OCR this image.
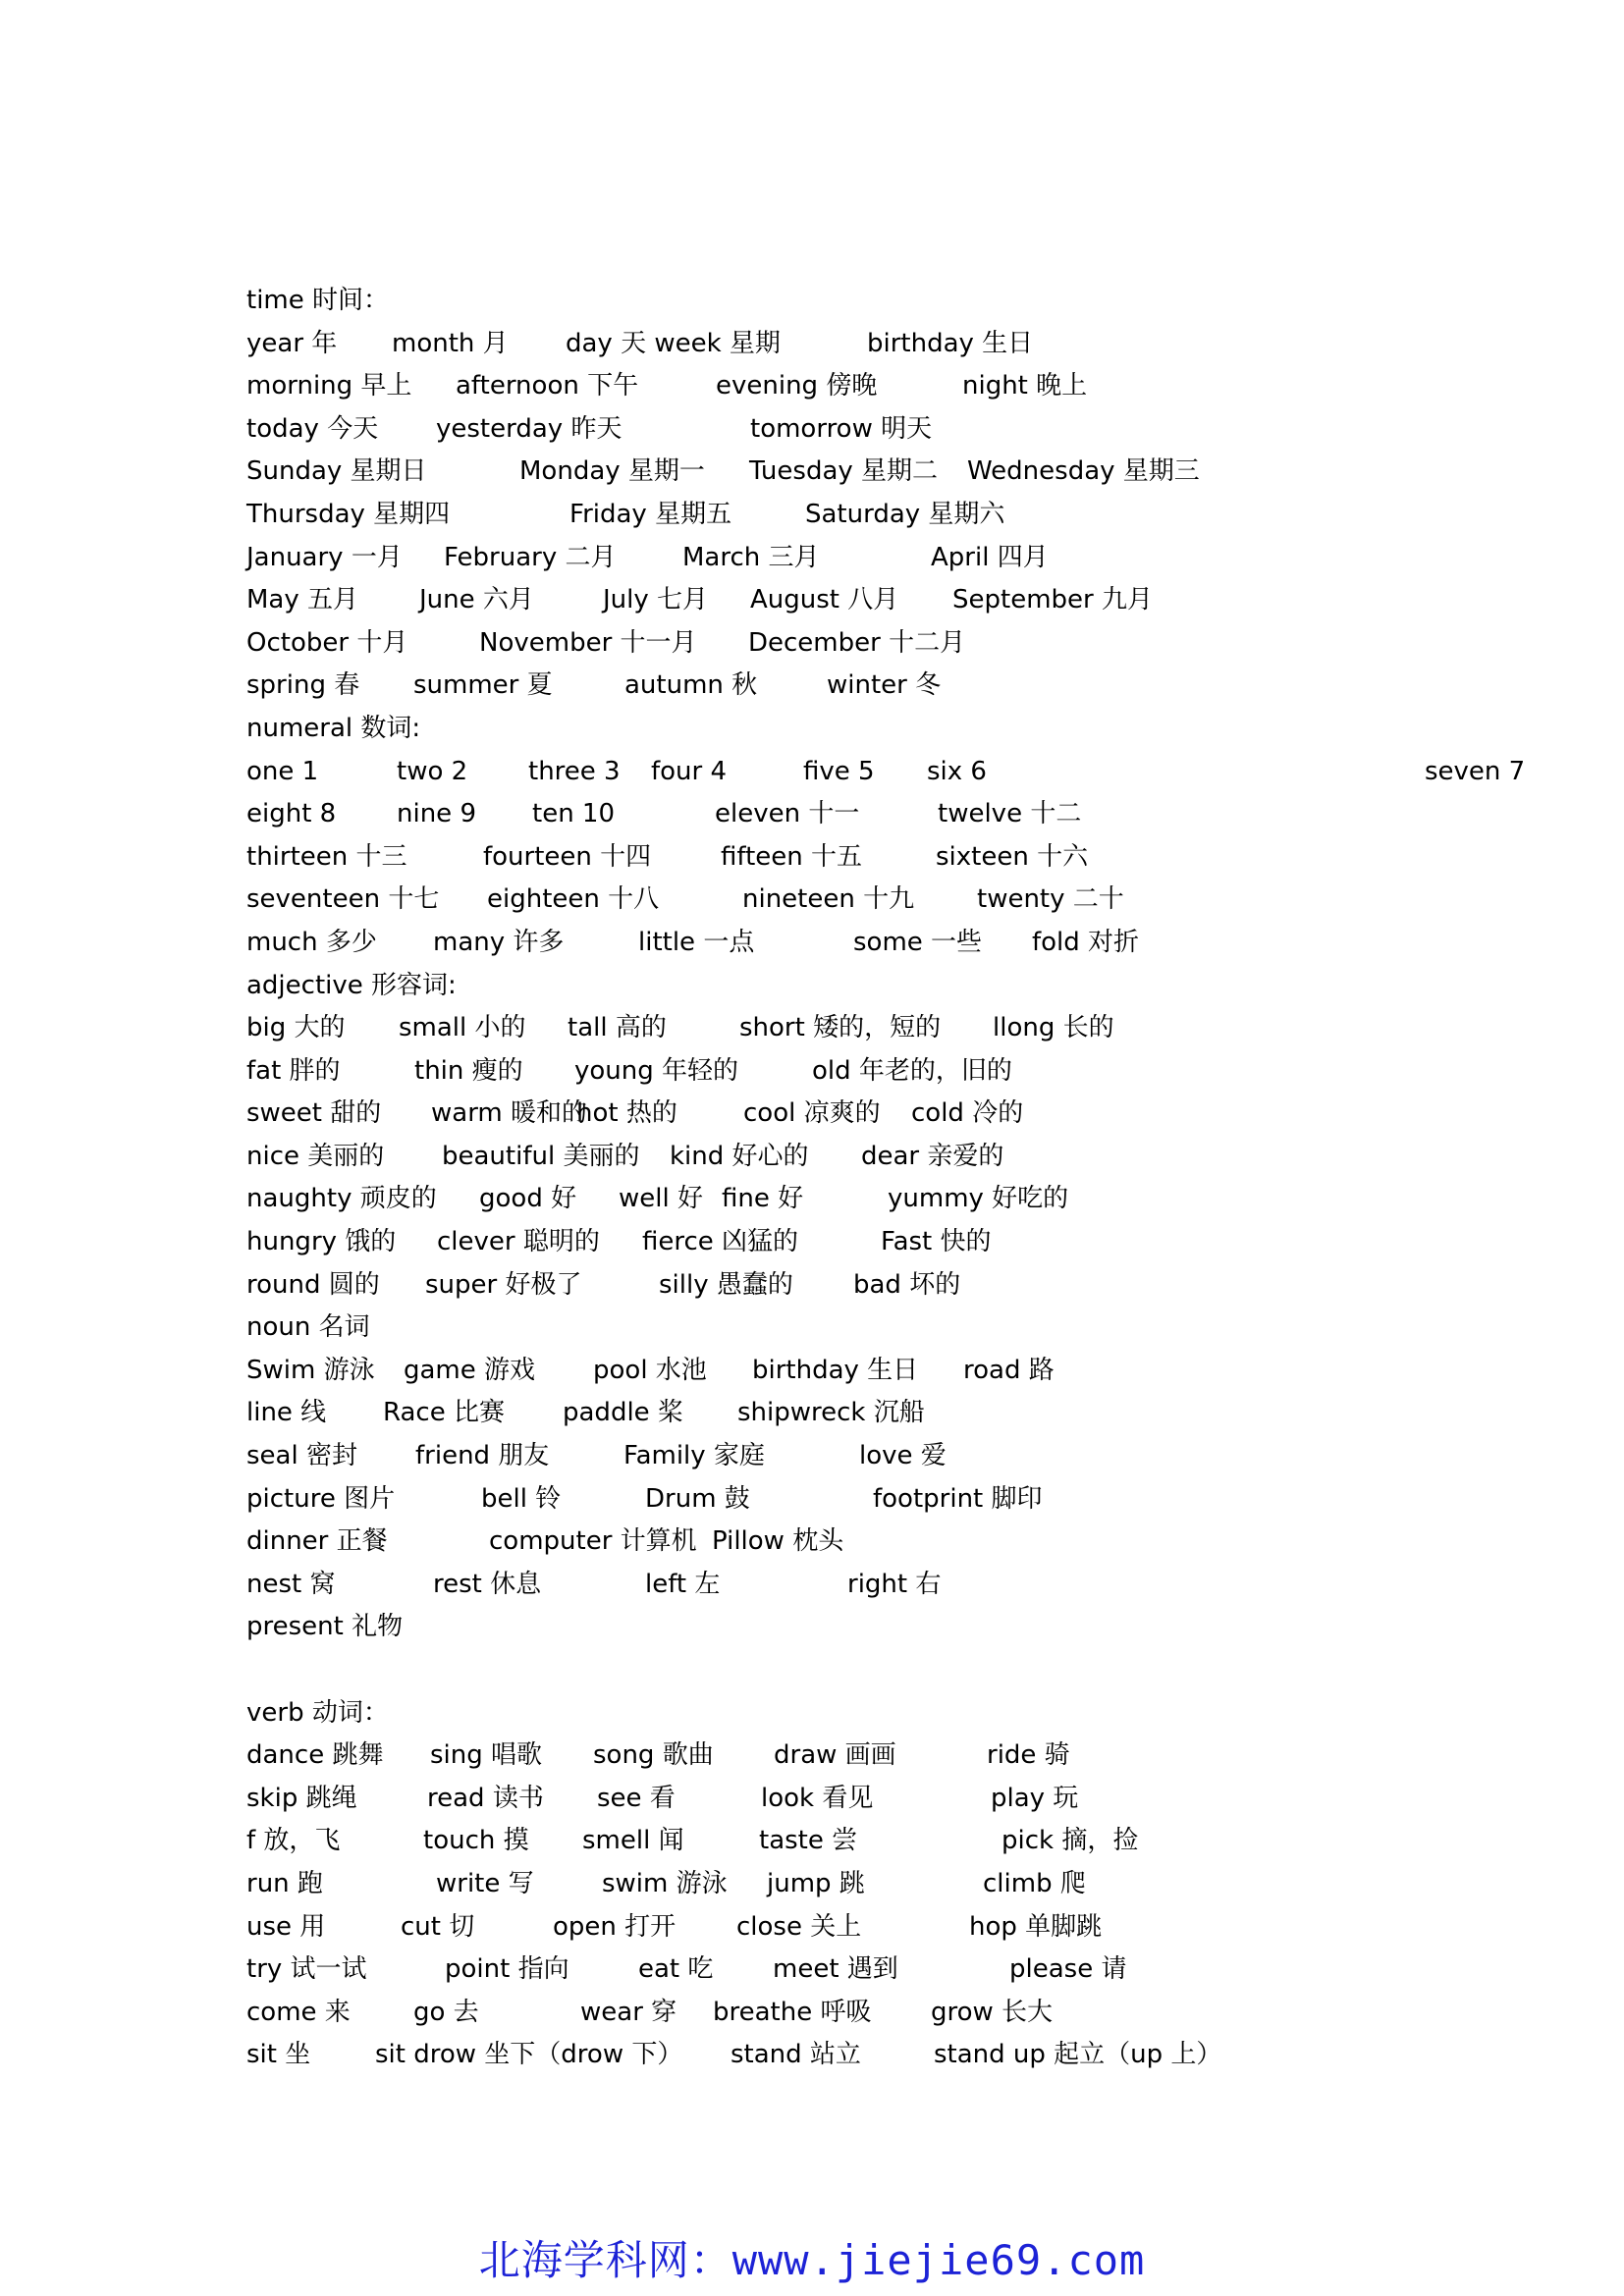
time 时间：
year 年 month 月 day 天 week 星期	birthday 生日
morning 早上 afternoon 下午	evening 傍晚	night 晚上
today 今天 yesterday 昨天	tomorrow 明天
Sunday 星期日	Monday 星期一 Tuesday 星期二 Wednesday 星期三
Thursday 星期四	Friday 星期五	Saturday 星期六
January 一月 February 二月	March 三月	April 四月
May 五月 June 六月	July 七月 August 八月 September 九月
October 十月	November 十一月 December 十二月
spring 春 summer 夏	autumn 秋	winter 冬
numeral 数词:
one 1	two 2 three 3 four 4	five 5 six 6	seven 7
eight 8 nine 9 ten 10	eleven 十一	twelve 十二
thirteen 十三	fourteen 十四	fifteen 十五	sixteen 十六
seventeen 十七 eighteen 十八	nineteen 十九 twenty 二十
much 多少 many 许多	little 一点	some 一些 fold 对折
adjective 形容词:
big 大的 small 小的 tall 高的	short 矮的，短的 llong 长的
fat 胖的	thin 瘦的 young 年轻的	old 年老的，旧的
sweet 甜的 warm 暖和的
hot 热的	cool 凉爽的 cold 冷的
nice 美丽的 beautiful 美丽的 kind 好心的 dear 亲爱的
naughty 顽皮的 good 好 well 好 fine 好	yummy 好吃的
hungry 饿的 clever 聪明的 fierce 凶猛的	Fast 快的
round 圆的 super 好极了	silly 愚蠢的 bad 坏的
noun 名词
Swim 游泳 game 游戏 pool 水池 birthday 生日 road 路
line 线 Race 比赛 paddle 桨 shipwreck 沉船
seal 密封 friend 朋友	Family 家庭	love 爱
picture 图片	bell 铃	Drum 鼓	footprint 脚印
dinner 正餐	computer 计算机 Pillow 枕头
nest 窝	rest 休息	left 左	right 右
present 礼物
verb 动词：
dance 跳舞 sing 唱歌 song 歌曲 draw 画画	ride 骑
skip 跳绳	read 读书 see 看	look 看见	play 玩
f 放，飞	touch 摸 smell 闻	taste 尝	pick 摘，捡
run 跑	write 写	swim 游泳 jump 跳	climb 爬
use 用	cut 切	open 打开 close 关上	hop 单脚跳
try 试一试	point 指向	eat 吃 meet 遇到	please 请
come 来 go 去	wear 穿 breathe 呼吸 grow 长大
sit 坐	sit drow 坐下（drow 下） stand 站立	stand up 起立（up 上）
北海学科网：www.jiejie69.com
